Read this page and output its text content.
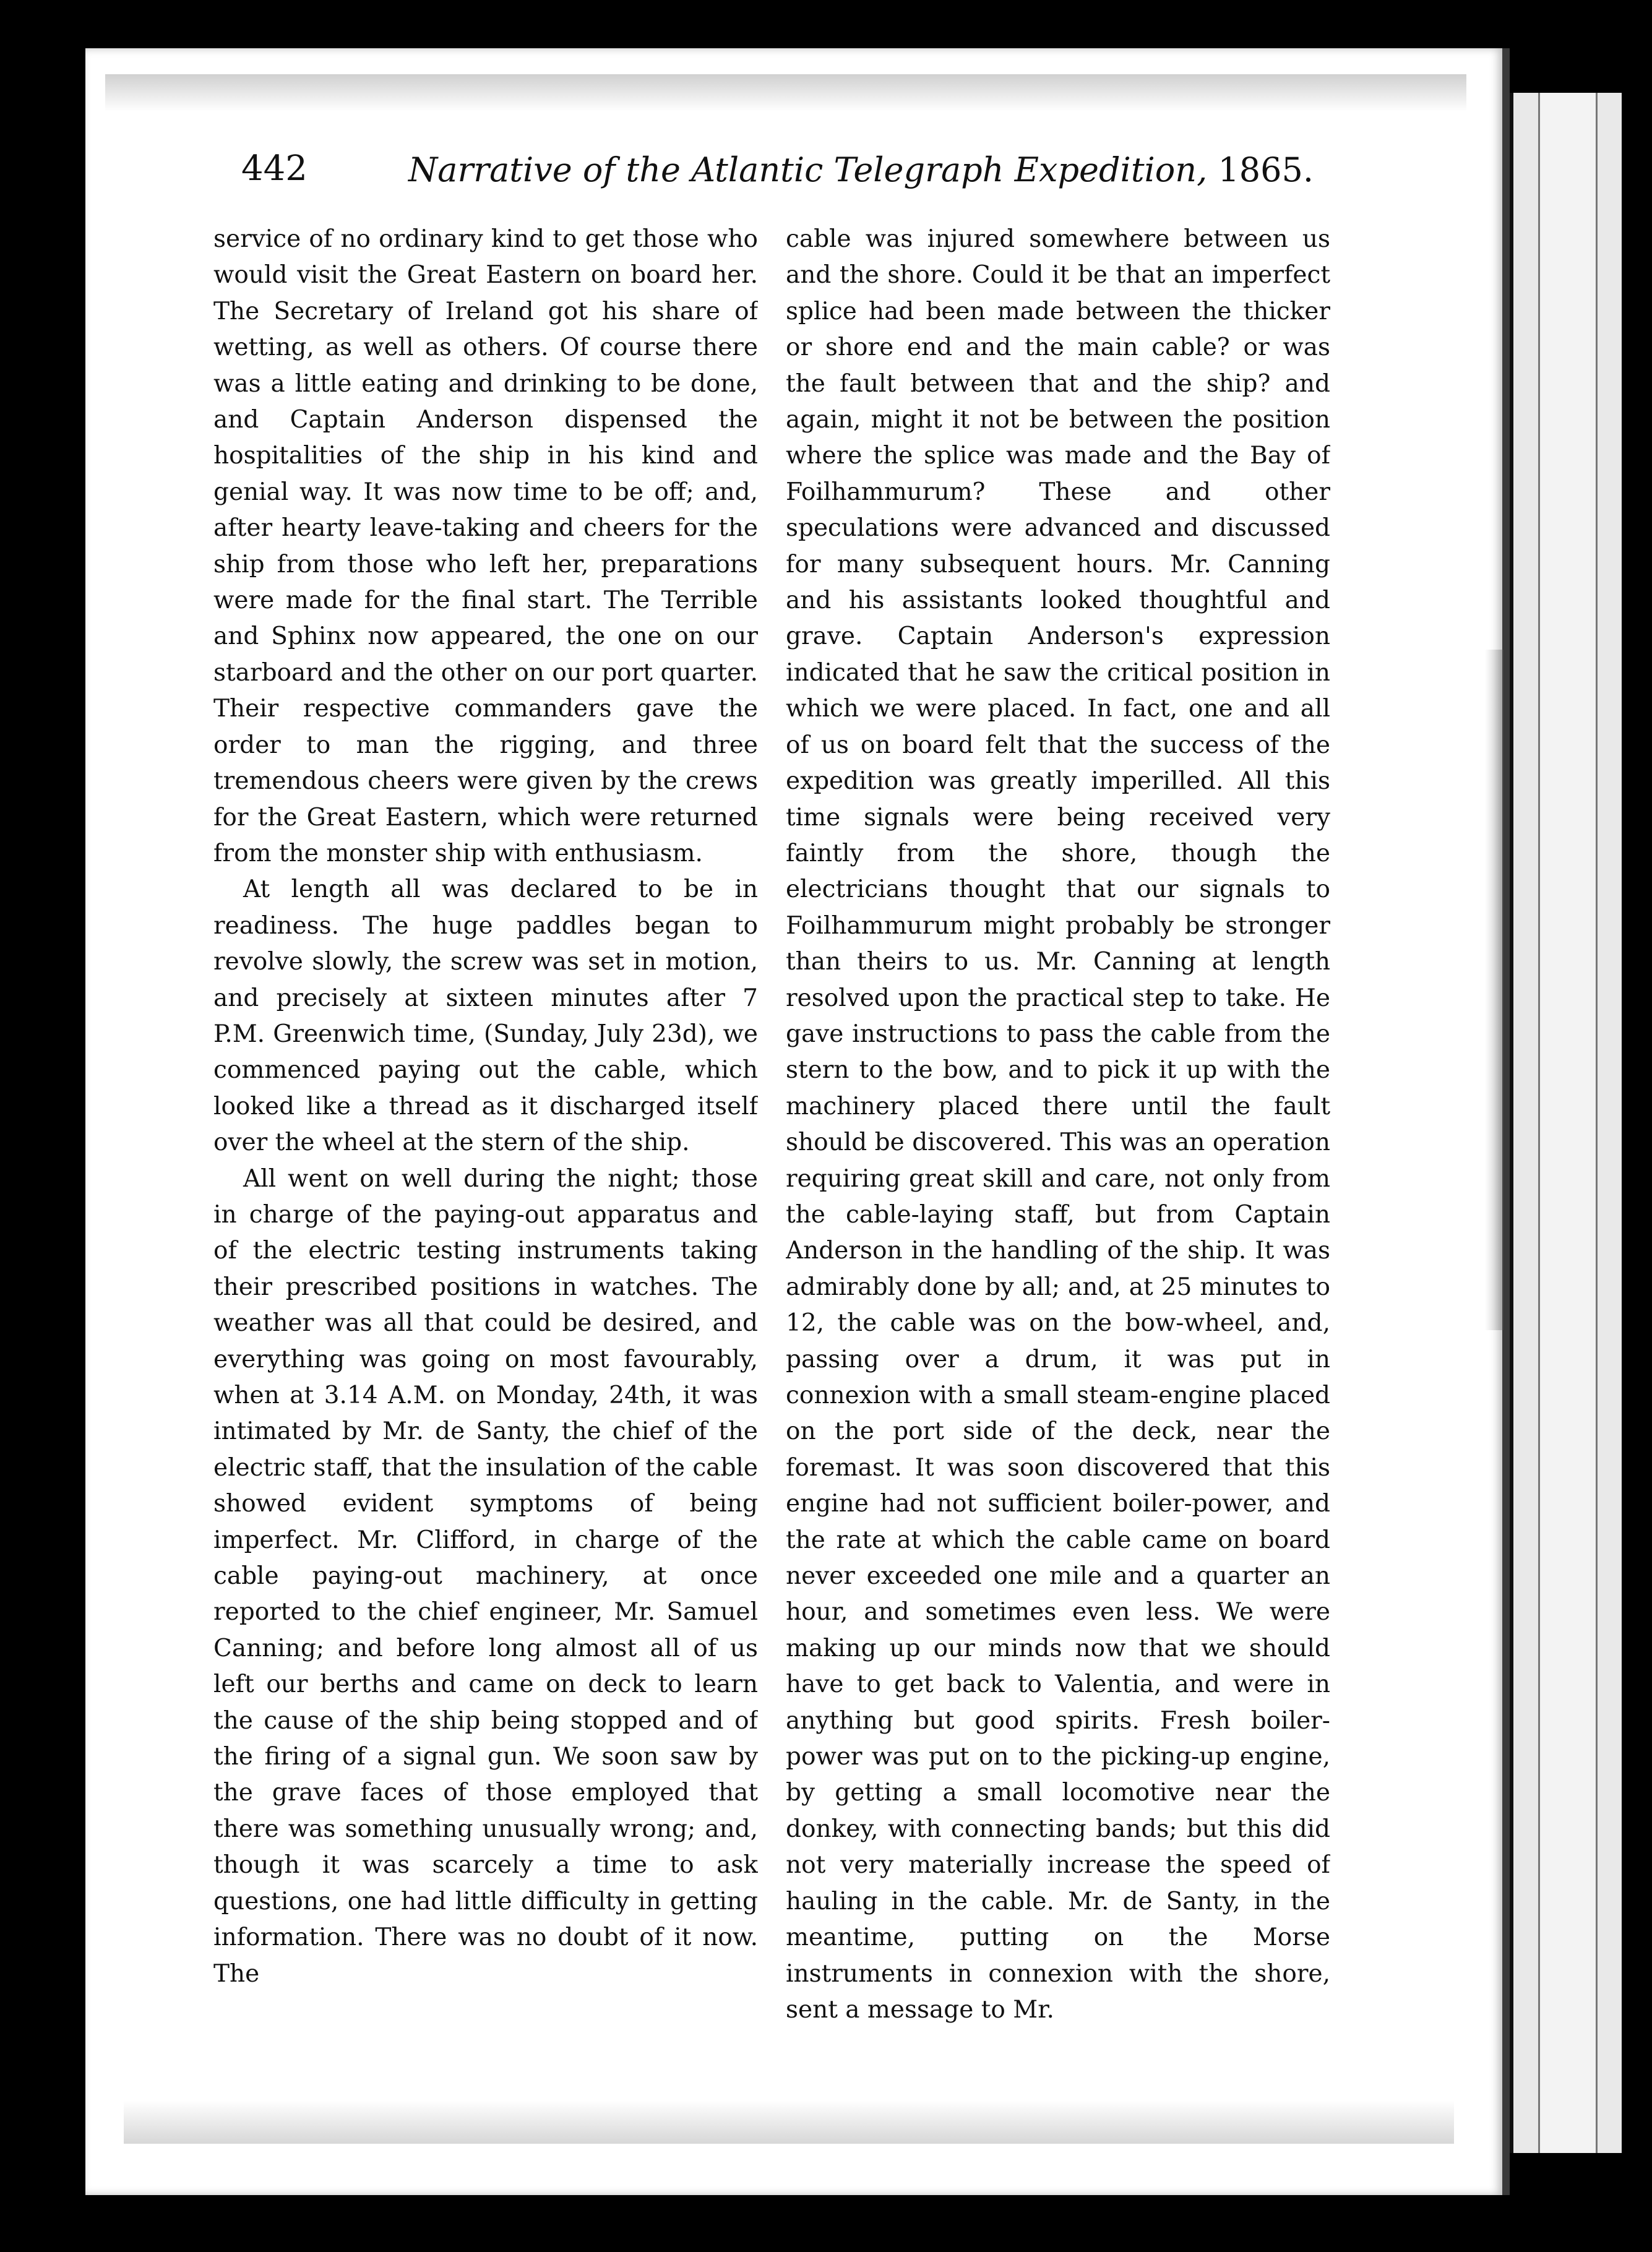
442	Narrative of the Atlantic Telegraph Expedition, 1865.

service of no ordinary kind to get those who would visit the Great Eastern on board her. The Secretary of Ireland got his share of wetting, as well as others. Of course there was a little eating and drinking to be done, and Captain Anderson dispensed the hospitalities of the ship in his kind and genial way. It was now time to be off; and, after hearty leave-taking and cheers for the ship from those who left her, preparations were made for the final start. The Terrible and Sphinx now appeared, the one on our starboard and the other on our port quarter. Their respective commanders gave the order to man the rigging, and three tremendous cheers were given by the crews for the Great Eastern, which were returned from the monster ship with enthusiasm.

At length all was declared to be in readiness. The huge paddles began to revolve slowly, the screw was set in motion, and precisely at sixteen minutes after 7 P.M. Greenwich time, (Sunday, July 23d), we commenced paying out the cable, which looked like a thread as it discharged itself over the wheel at the stern of the ship.

All went on well during the night; those in charge of the paying-out apparatus and of the electric testing instruments taking their prescribed positions in watches. The weather was all that could be desired, and everything was going on most favourably, when at 3.14 A.M. on Monday, 24th, it was intimated by Mr. de Santy, the chief of the electric staff, that the insulation of the cable showed evident symptoms of being imperfect. Mr. Clifford, in charge of the cable paying-out machinery, at once reported to the chief engineer, Mr. Samuel Canning; and before long almost all of us left our berths and came on deck to learn the cause of the ship being stopped and of the firing of a signal gun. We soon saw by the grave faces of those employed that there was something unusually wrong; and, though it was scarcely a time to ask questions, one had little difficulty in getting information. There was no doubt of it now. The

cable was injured somewhere between us and the shore. Could it be that an imperfect splice had been made between the thicker or shore end and the main cable? or was the fault between that and the ship? and again, might it not be between the position where the splice was made and the Bay of Foilhammurum? These and other speculations were advanced and discussed for many subsequent hours. Mr. Canning and his assistants looked thoughtful and grave. Captain Anderson's expression indicated that he saw the critical position in which we were placed. In fact, one and all of us on board felt that the success of the expedition was greatly imperilled. All this time signals were being received very faintly from the shore, though the electricians thought that our signals to Foilhammurum might probably be stronger than theirs to us. Mr. Canning at length resolved upon the practical step to take. He gave instructions to pass the cable from the stern to the bow, and to pick it up with the machinery placed there until the fault should be discovered. This was an operation requiring great skill and care, not only from the cable-laying staff, but from Captain Anderson in the handling of the ship. It was admirably done by all; and, at 25 minutes to 12, the cable was on the bow-wheel, and, passing over a drum, it was put in connexion with a small steam-engine placed on the port side of the deck, near the foremast. It was soon discovered that this engine had not sufficient boiler-power, and the rate at which the cable came on board never exceeded one mile and a quarter an hour, and sometimes even less. We were making up our minds now that we should have to get back to Valentia, and were in anything but good spirits. Fresh boiler-power was put on to the picking-up engine, by getting a small locomotive near the donkey, with connecting bands; but this did not very materially increase the speed of hauling in the cable. Mr. de Santy, in the meantime, putting on the Morse instruments in connexion with the shore, sent a message to Mr.
